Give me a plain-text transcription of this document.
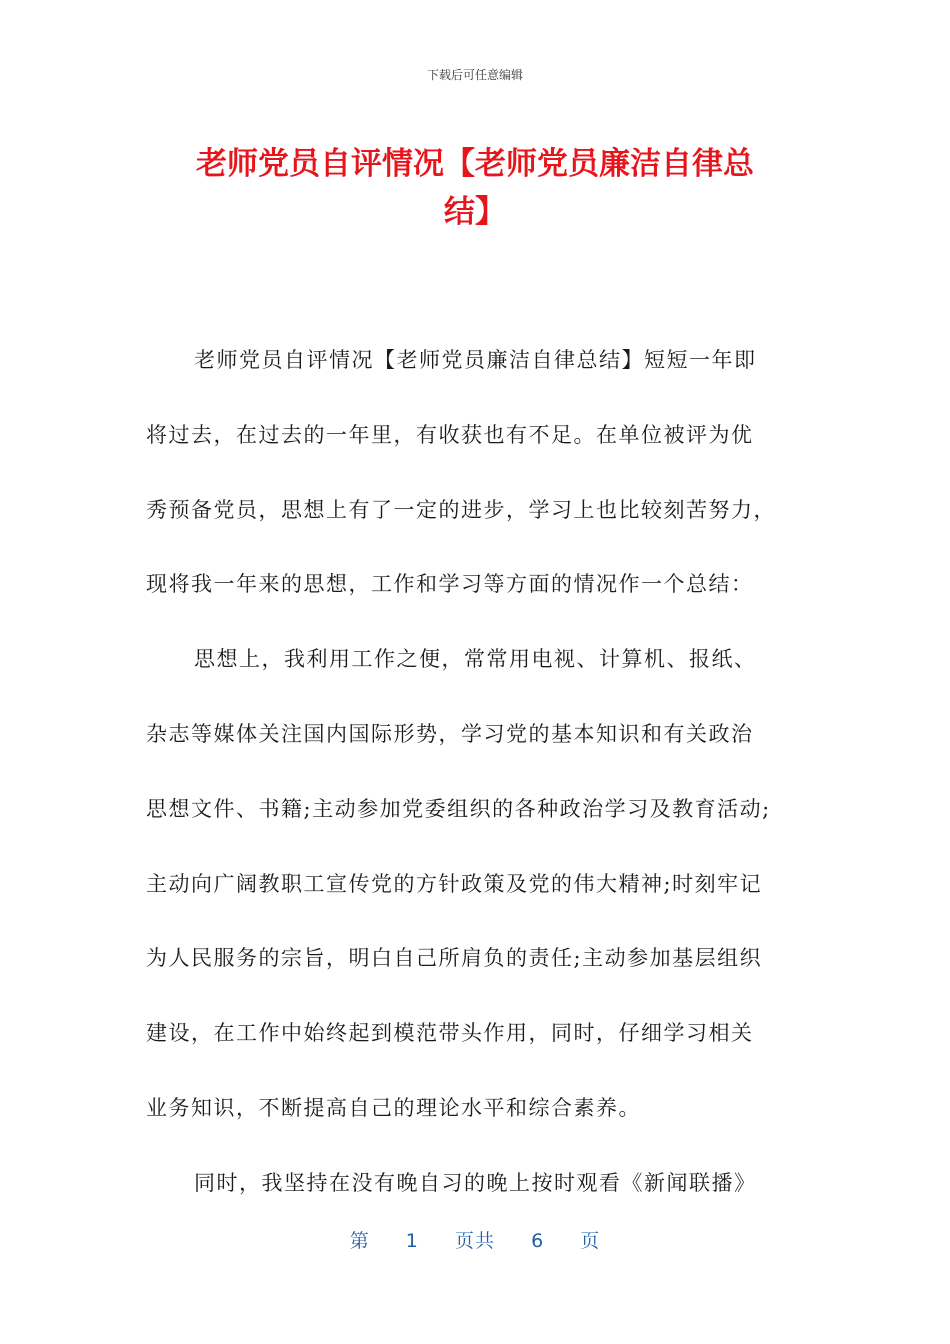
下载后可任意编辑
老师党员自评情况【老师党员廉洁自律总
结】
老师党员自评情况【老师党员廉洁自律总结】短短一年即
将过去，在过去的一年里，有收获也有不足。在单位被评为优
秀预备党员，思想上有了一定的进步，学习上也比较刻苦努力，
现将我一年来的思想，工作和学习等方面的情况作一个总结：
思想上，我利用工作之便，常常用电视、计算机、报纸、
杂志等媒体关注国内国际形势，学习党的基本知识和有关政治
思想文件、书籍;主动参加党委组织的各种政治学习及教育活动;
主动向广阔教职工宣传党的方针政策及党的伟大精神;时刻牢记
为人民服务的宗旨，明白自己所肩负的责任;主动参加基层组织
建设，在工作中始终起到模范带头作用，同时，仔细学习相关
业务知识，不断提高自己的理论水平和综合素养。
同时，我坚持在没有晚自习的晚上按时观看《新闻联播》
第 1 页共 6 页
